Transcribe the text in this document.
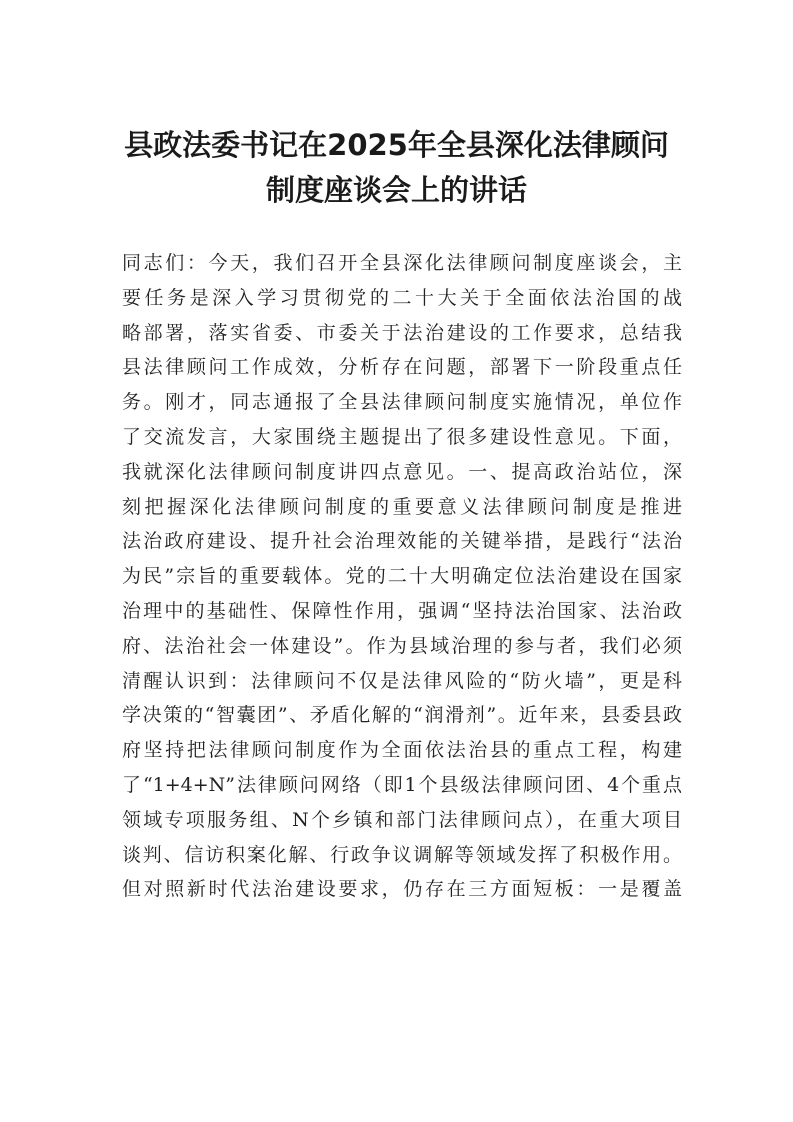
县政法委书记在2025年全县深化法律顾问
制度座谈会上的讲话
同志们：今天，我们召开全县深化法律顾问制度座谈会，主
要任务是深入学习贯彻党的二十大关于全面依法治国的战
略部署，落实省委、市委关于法治建设的工作要求，总结我
县法律顾问工作成效，分析存在问题，部署下一阶段重点任
务。刚才，同志通报了全县法律顾问制度实施情况，单位作
了交流发言，大家围绕主题提出了很多建设性意见。下面，
我就深化法律顾问制度讲四点意见。一、提高政治站位，深
刻把握深化法律顾问制度的重要意义法律顾问制度是推进
法治政府建设、提升社会治理效能的关键举措，是践行“法治
为民”宗旨的重要载体。党的二十大明确定位法治建设在国家
治理中的基础性、保障性作用，强调“坚持法治国家、法治政
府、法治社会一体建设”。作为县域治理的参与者，我们必须
清醒认识到：法律顾问不仅是法律风险的“防火墙”，更是科
学决策的“智囊团”、矛盾化解的“润滑剂”。近年来，县委县政
府坚持把法律顾问制度作为全面依法治县的重点工程，构建
了“1+4+N”法律顾问网络（即1个县级法律顾问团、4个重点
领域专项服务组、N个乡镇和部门法律顾问点），在重大项目
谈判、信访积案化解、行政争议调解等领域发挥了积极作用。
但对照新时代法治建设要求，仍存在三方面短板：一是覆盖
